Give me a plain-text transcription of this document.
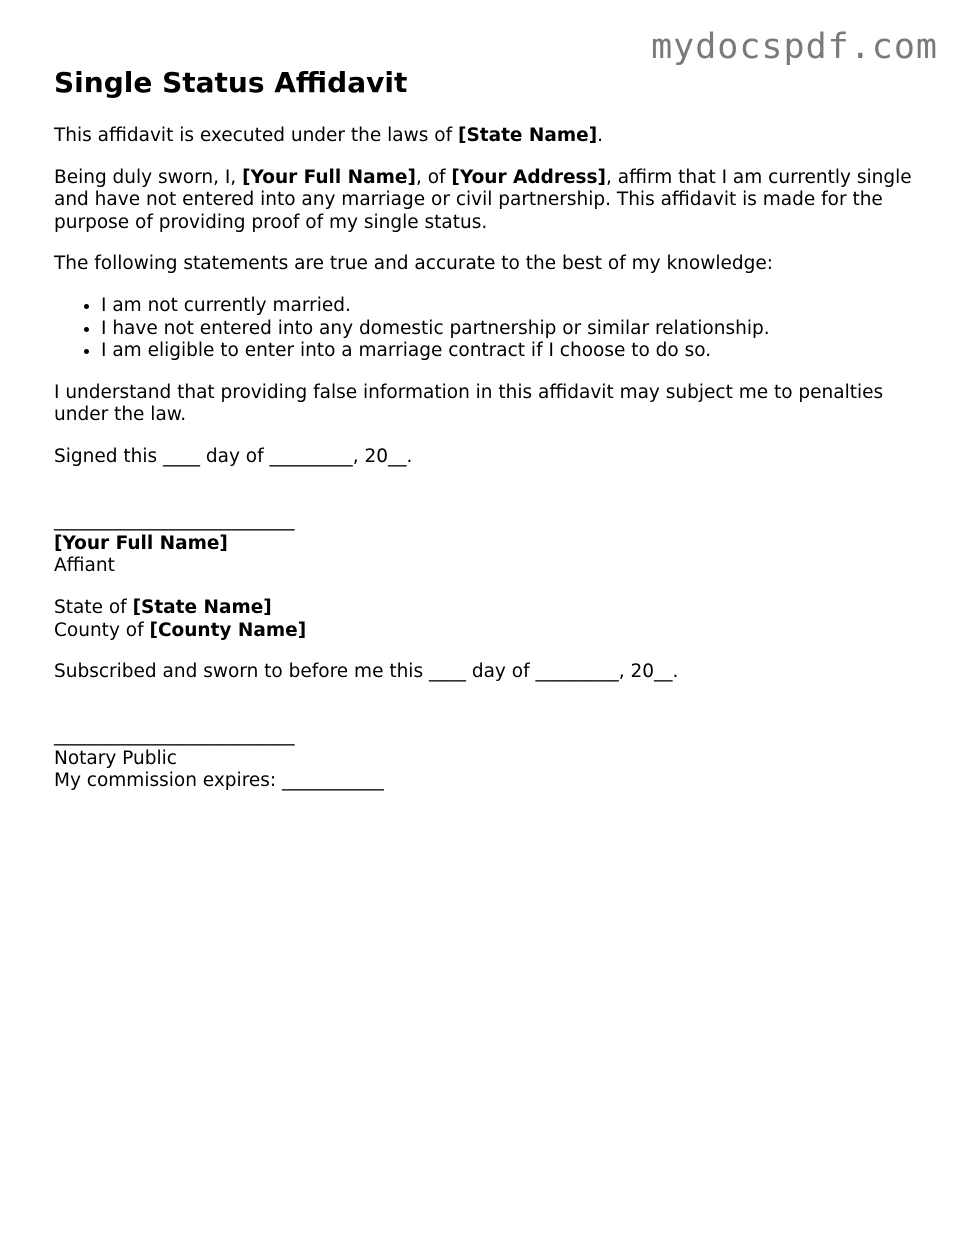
mydocspdf.com
Single Status Affidavit

This affidavit is executed under the laws of [State Name].

Being duly sworn, I, [Your Full Name], of [Your Address], affirm that I am currently single and have not entered into any marriage or civil partnership. This affidavit is made for the purpose of providing proof of my single status.

The following statements are true and accurate to the best of my knowledge:

• I am not currently married.
• I have not entered into any domestic partnership or similar relationship.
• I am eligible to enter into a marriage contract if I choose to do so.

I understand that providing false information in this affidavit may subject me to penalties under the law.

Signed this ____ day of _________, 20__.

__________________________
[Your Full Name]
Affiant

State of [State Name]
County of [County Name]

Subscribed and sworn to before me this ____ day of _________, 20__.

__________________________
Notary Public
My commission expires: ___________
